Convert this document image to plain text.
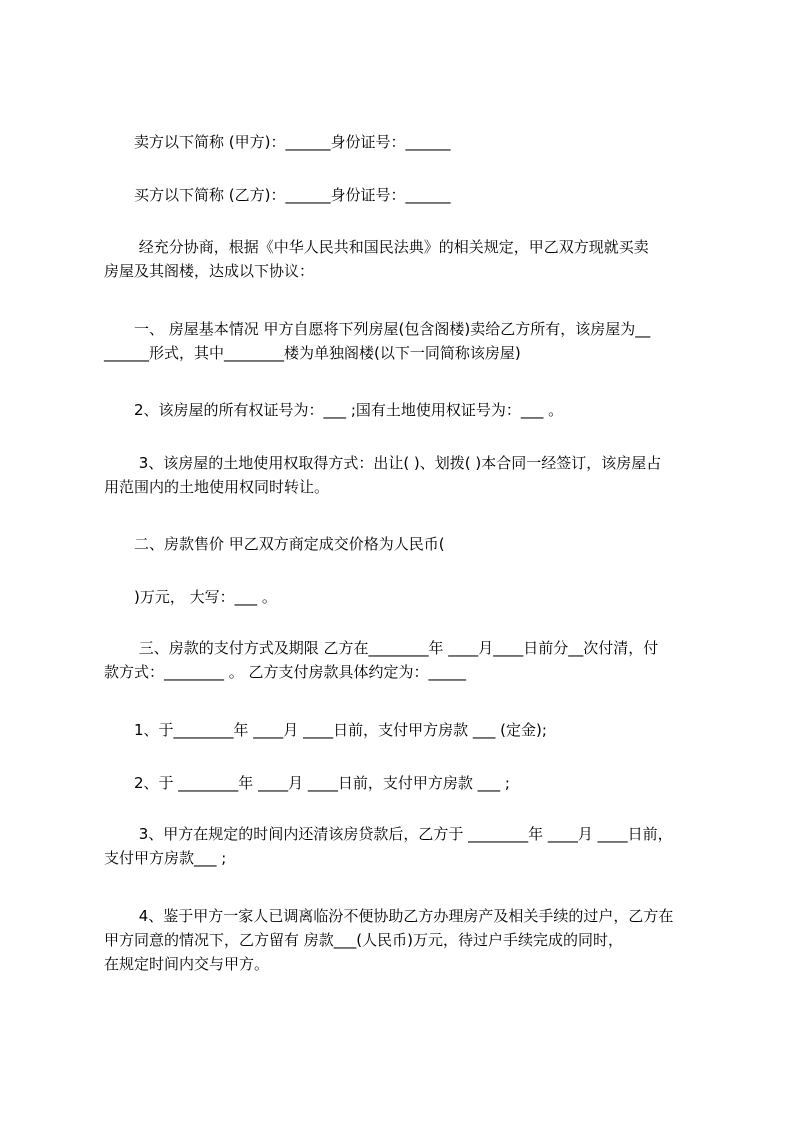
　　卖方以下简称 (甲方)：______身份证号：______

　　买方以下简称 (乙方)：______身份证号：______

　　 经充分协商，根据《中华人民共和国民法典》的相关规定，甲乙双方现就买卖
房屋及其阁楼，达成以下协议：

　　一、 房屋基本情况 甲方自愿将下列房屋(包含阁楼)卖给乙方所有，该房屋为__
______形式，其中________楼为单独阁楼(以下一同简称该房屋)

　　2、该房屋的所有权证号为：___ ;国有土地使用权证号为：___ 。

　　 3、该房屋的土地使用权取得方式：出让( )、划拨( )本合同一经签订，该房屋占
用范围内的土地使用权同时转让。

　　二、房款售价 甲乙双方商定成交价格为人民币(

　　)万元， 大写：___ 。

　　 三、房款的支付方式及期限 乙方在________年 ____月____日前分__次付清，付
款方式：________ 。 乙方支付房款具体约定为：_____

　　1、于________年 ____月 ____日前，支付甲方房款 ___ (定金);

　　2、于 ________年 ____月 ____日前，支付甲方房款 ___ ;

　　 3、甲方在规定的时间内还清该房贷款后，乙方于 ________年 ____月 ____日前，
支付甲方房款___ ;

　　 4、鉴于甲方一家人已调离临汾不便协助乙方办理房产及相关手续的过户，乙方在
甲方同意的情况下，乙方留有 房款___(人民币)万元，待过户手续完成的同时，
在规定时间内交与甲方。
